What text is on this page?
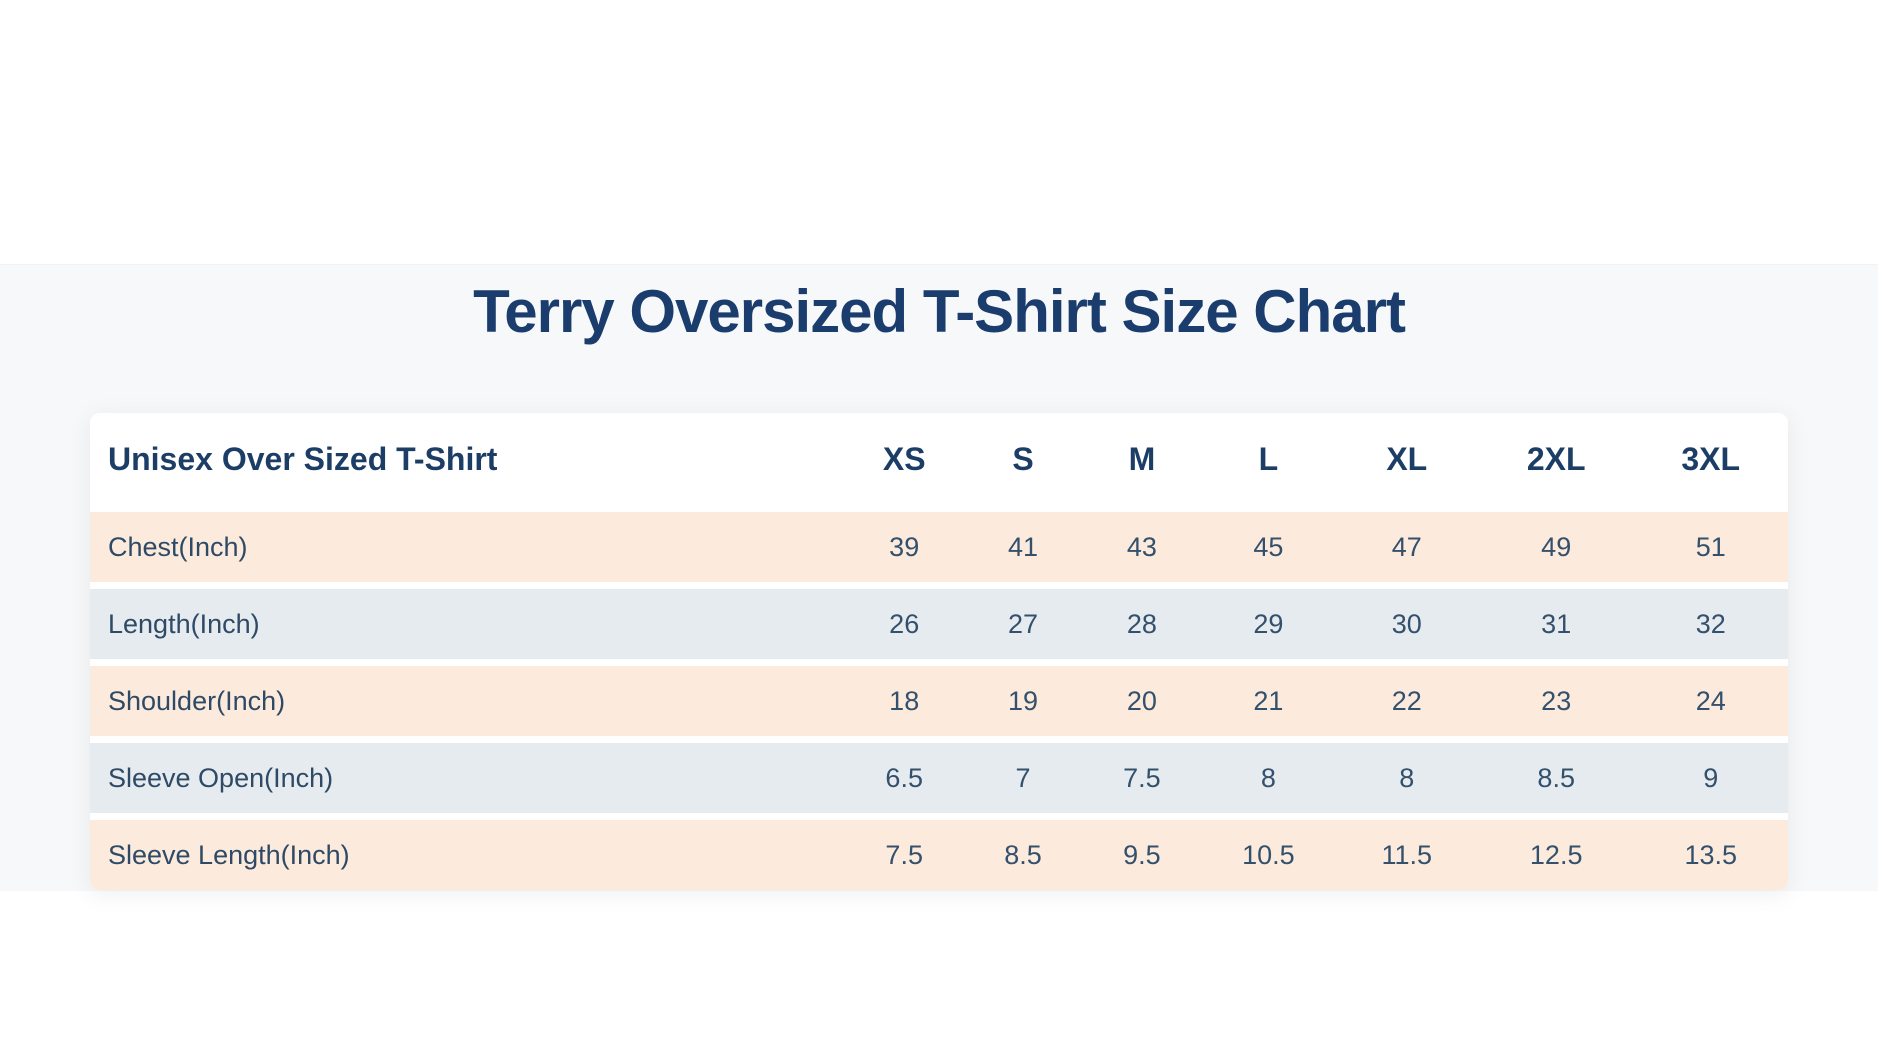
Terry Oversized T-Shirt Size Chart
Unisex Over Sized T-Shirt	XS	S	M	L	XL	2XL	3XL
Chest(Inch)	39	41	43	45	47	49	51
Length(Inch)	26	27	28	29	30	31	32
Shoulder(Inch)	18	19	20	21	22	23	24
Sleeve Open(Inch)	6.5	7	7.5	8	8	8.5	9
Sleeve Length(Inch)	7.5	8.5	9.5	10.5	11.5	12.5	13.5
